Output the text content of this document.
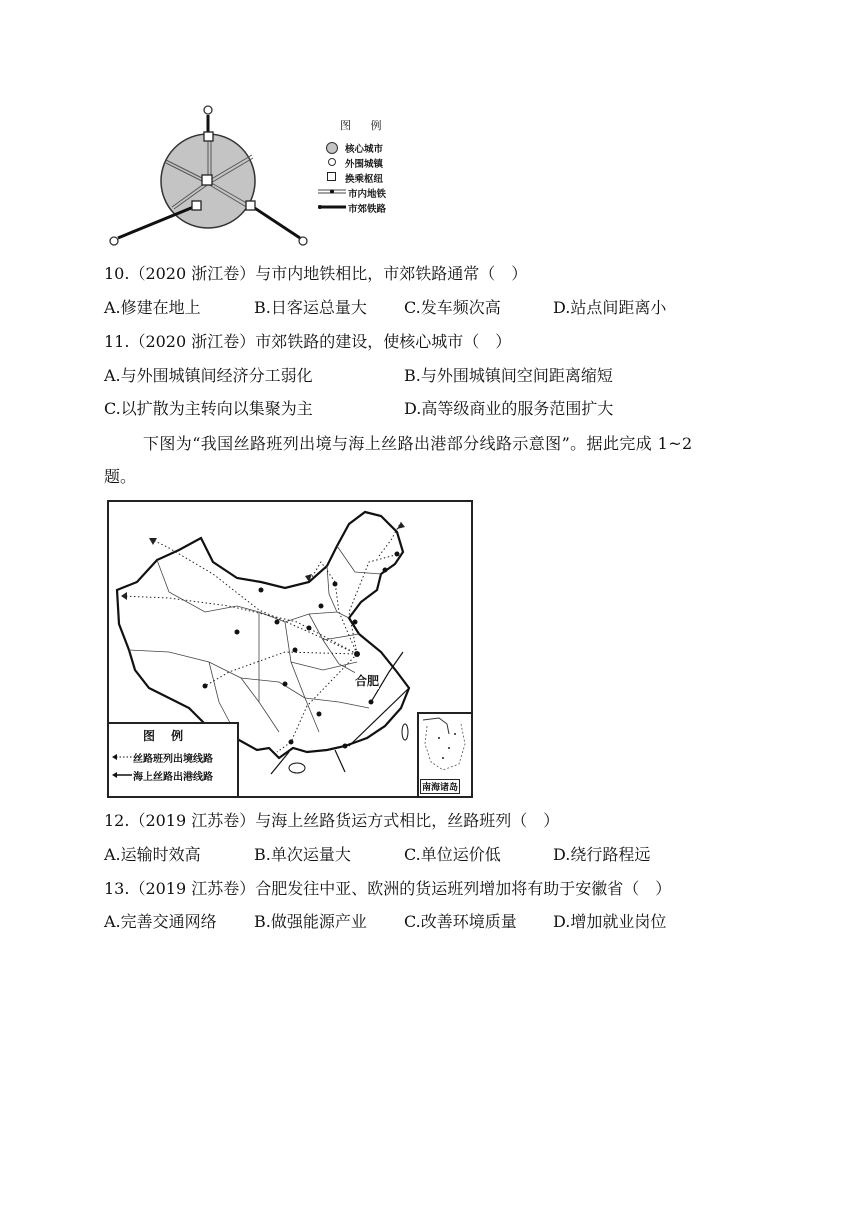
图 例
核心城市
外围城镇
换乘枢纽
市内地铁
市郊铁路
10.（2020 浙江卷）与市内地铁相比，市郊铁路通常（　）
A.修建在地上	B.日客运总量大 C.发车频次高	D.站点间距离小
11.（2020 浙江卷）市郊铁路的建设，使核心城市（　）
A.与外围城镇间经济分工弱化	B.与外围城镇间空间距离缩短
C.以扩散为主转向以集聚为主	D.高等级商业的服务范围扩大
下图为“我国丝路班列出境与海上丝路出港部分线路示意图”。据此完成 1~2
题。
合肥
图 例
丝路班列出境线路
海上丝路出港线路
南海诸岛
12.（2019 江苏卷）与海上丝路货运方式相比，丝路班列（　）
A.运输时效高	B.单次运量大	C.单位运价低	D.绕行路程远
13.（2019 江苏卷）合肥发往中亚、欧洲的货运班列增加将有助于安徽省（　）
A.完善交通网络 B.做强能源产业 C.改善环境质量 D.增加就业岗位
